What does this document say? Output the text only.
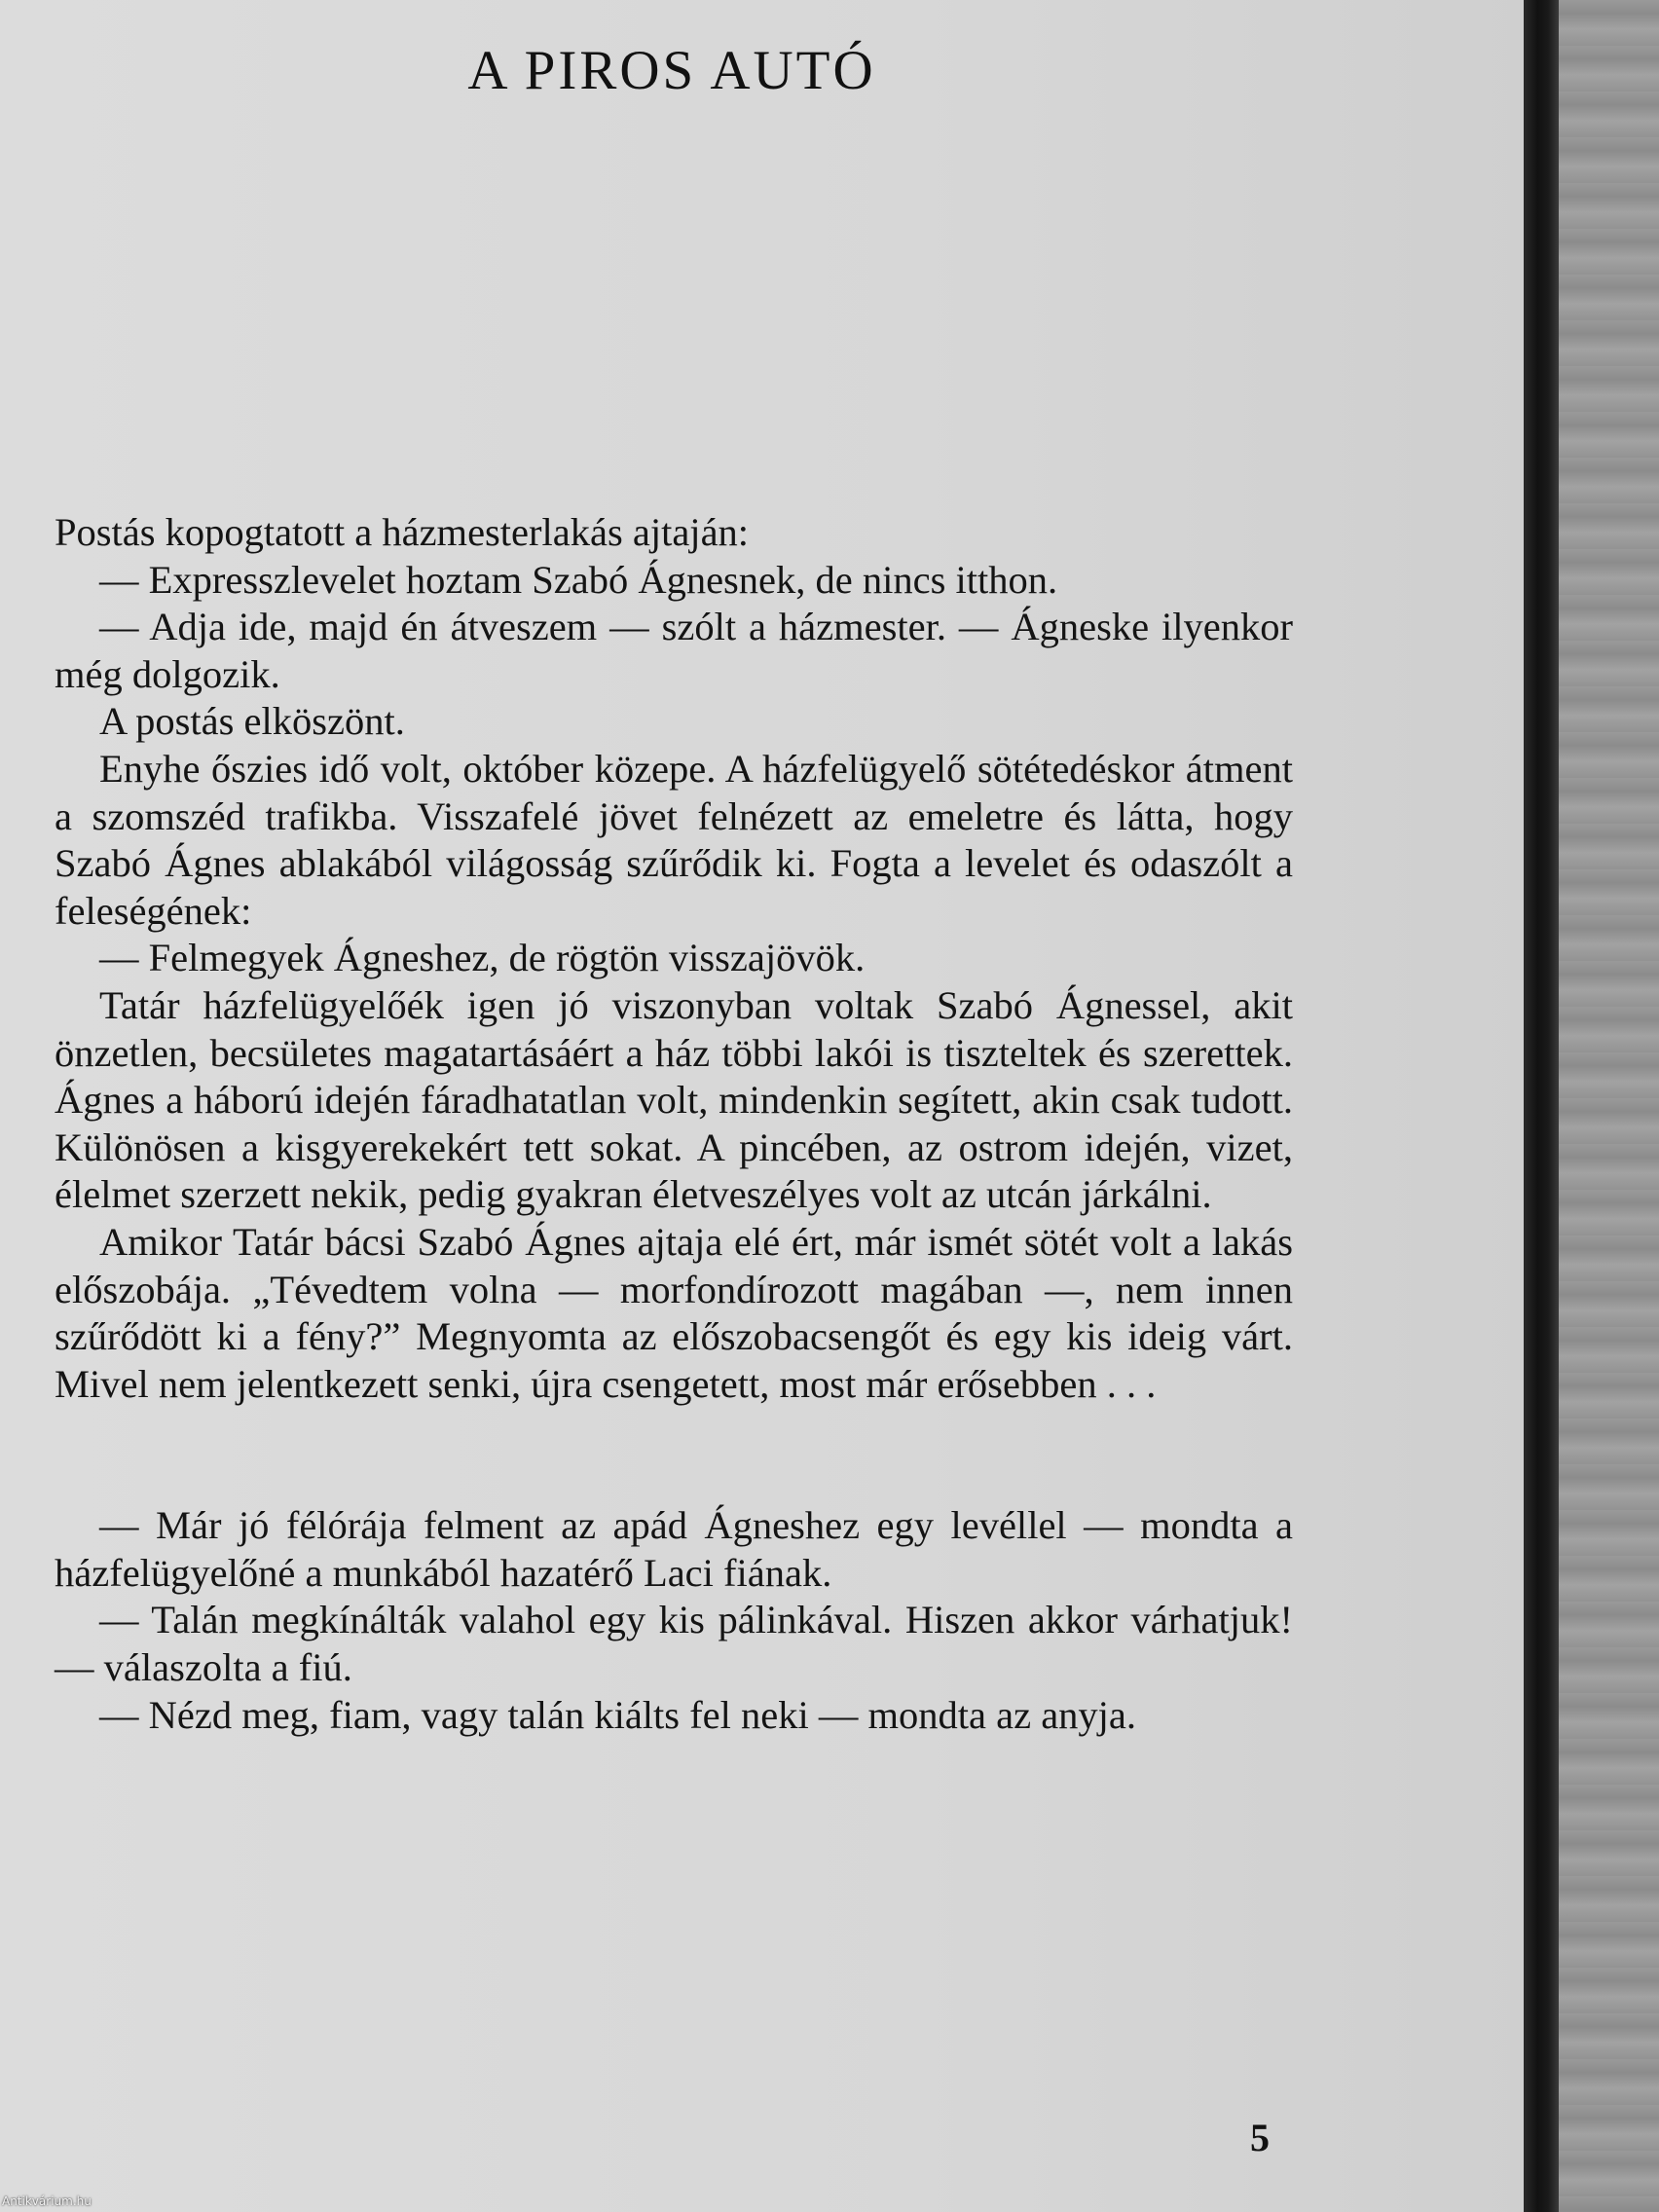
A PIROS AUTÓ

Postás kopogtatott a házmesterlakás ajtaján:

— Expresszlevelet hoztam Szabó Ágnesnek, de nincs itthon.

— Adja ide, majd én átveszem — szólt a házmester. — Ágneske ilyenkor még dolgozik.

A postás elköszönt.

Enyhe őszies idő volt, október közepe. A házfelügyelő sötétedéskor átment a szomszéd trafikba. Visszafelé jövet felnézett az emeletre és látta, hogy Szabó Ágnes ablakából világosság szűrődik ki. Fogta a levelet és odaszólt a feleségének:

— Felmegyek Ágneshez, de rögtön visszajövök.

Tatár házfelügyelőék igen jó viszonyban voltak Szabó Ágnessel, akit önzetlen, becsületes magatartásáért a ház többi lakói is tiszteltek és szerettek. Ágnes a háború idején fáradhatatlan volt, mindenkin segített, akin csak tudott. Különösen a kisgyerekekért tett sokat. A pincében, az ostrom idején, vizet, élelmet szerzett nekik, pedig gyakran életveszélyes volt az utcán járkálni.

Amikor Tatár bácsi Szabó Ágnes ajtaja elé ért, már ismét sötét volt a lakás előszobája. „Tévedtem volna — morfondírozott magában —, nem innen szűrődött ki a fény?” Megnyomta az előszobacsengőt és egy kis ideig várt. Mivel nem jelentkezett senki, újra csengetett, most már erősebben . . .

— Már jó félórája felment az apád Ágneshez egy levéllel — mondta a házfelügyelőné a munkából hazatérő Laci fiának.

— Talán megkínálták valahol egy kis pálinkával. Hiszen akkor várhatjuk! — válaszolta a fiú.

— Nézd meg, fiam, vagy talán kiálts fel neki — mondta az anyja.

5
Antikvárium.hu
